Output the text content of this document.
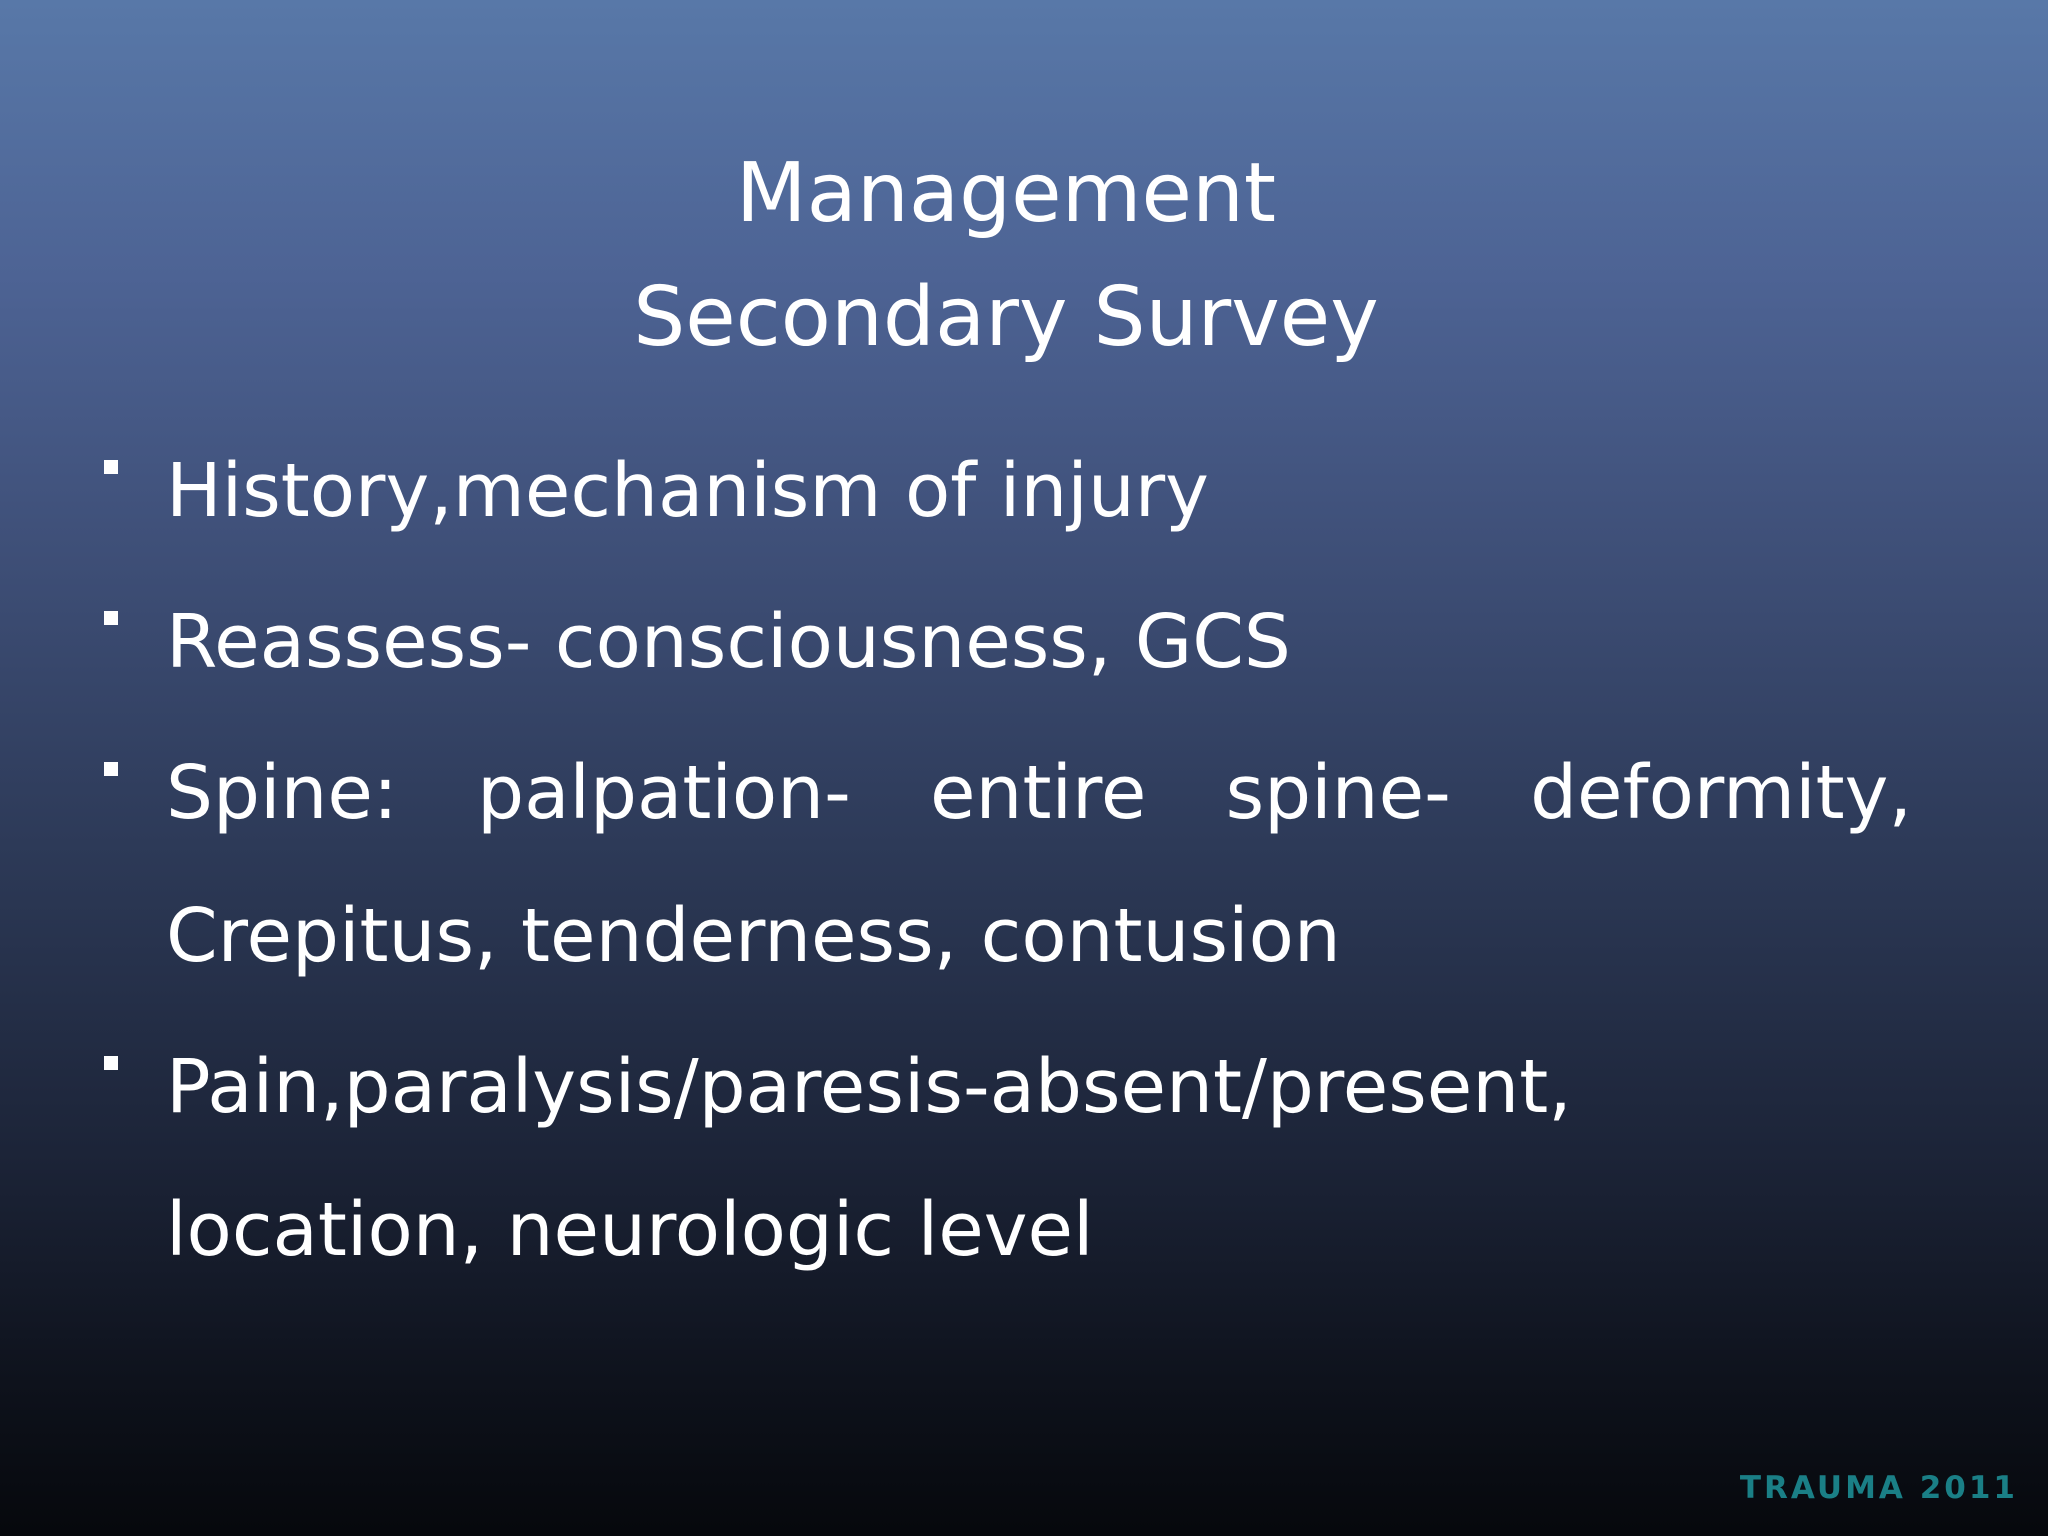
Management
Secondary Survey
History,mechanism of injury
Reassess- consciousness, GCS
Spine: palpation- entire spine- deformity, Crepitus, tenderness, contusion
Pain,paralysis/paresis-absent/present, location, neurologic level
TRAUMA 2011
